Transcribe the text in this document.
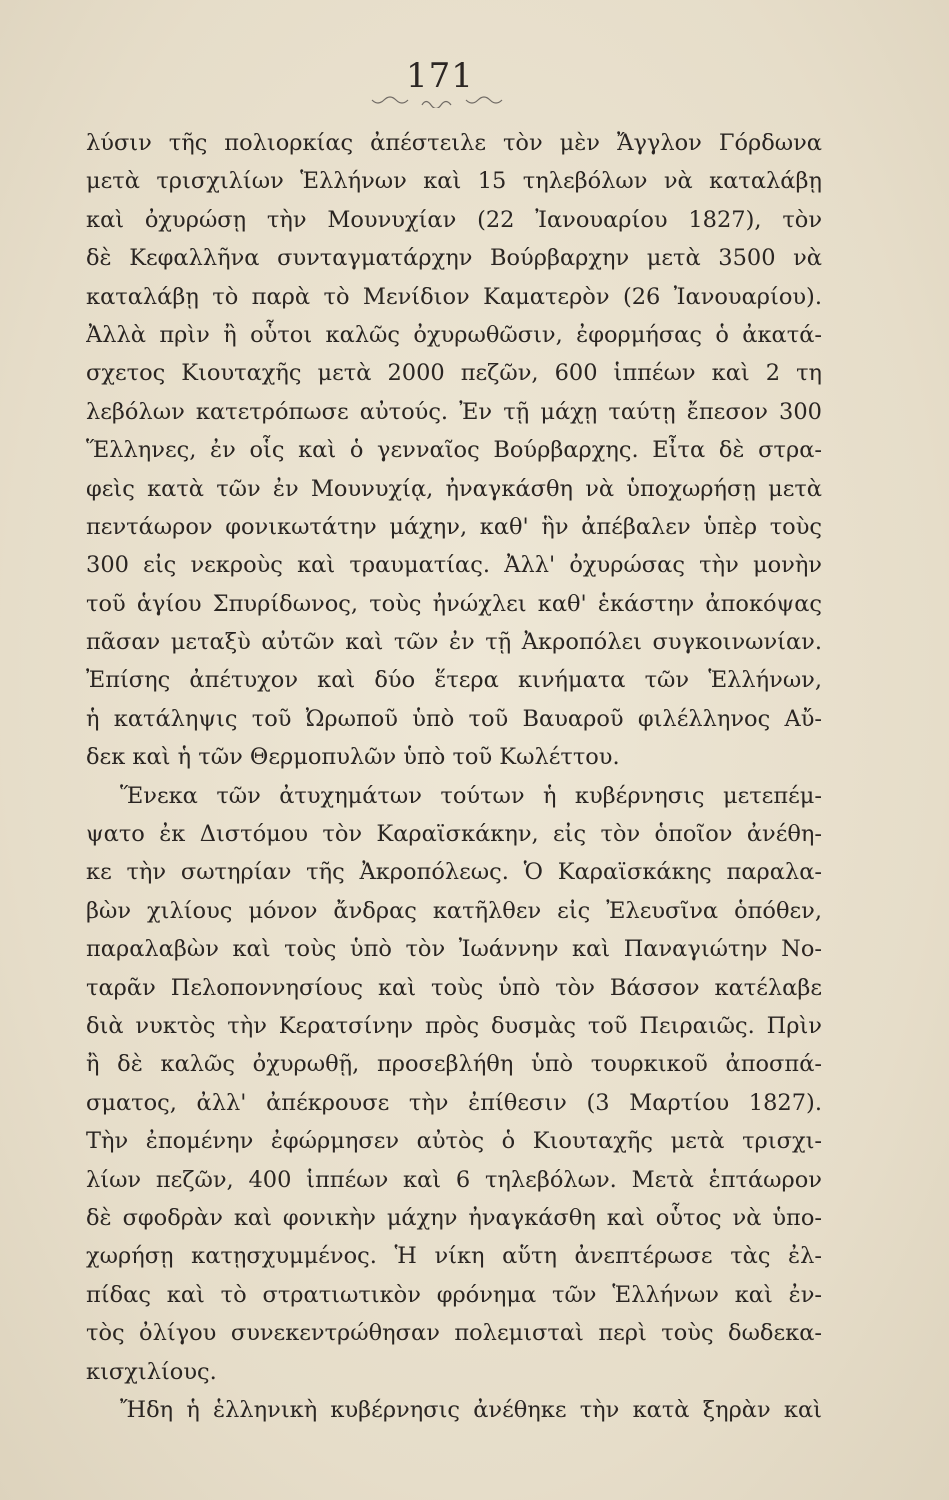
171
λύσιν τῆς πολιορκίας ἀπέστειλε τὸν μὲν Ἄγγλον Γόρδωνα
μετὰ τρισχιλίων Ἑλλήνων καὶ 15 τηλεβόλων νὰ καταλάβῃ
καὶ ὀχυρώσῃ τὴν Μουνυχίαν (22 Ἰανουαρίου 1827), τὸν
δὲ Κεφαλλῆνα συνταγματάρχην Βούρβαρχην μετὰ 3500 νὰ
καταλάβῃ τὸ παρὰ τὸ Μενίδιον Καματερὸν (26 Ἰανουαρίου).
Ἀλλὰ πρὶν ἢ οὗτοι καλῶς ὀχυρωθῶσιν, ἐφορμήσας ὁ ἀκατά-
σχετος Κιουταχῆς μετὰ 2000 πεζῶν, 600 ἱππέων καὶ 2 τη
λεβόλων κατετρόπωσε αὐτούς. Ἐν τῇ μάχῃ ταύτῃ ἔπεσον 300
Ἕλληνες, ἐν οἷς καὶ ὁ γενναῖος Βούρβαρχης. Εἶτα δὲ στρα-
φεὶς κατὰ τῶν ἐν Μουνυχίᾳ, ἠναγκάσθη νὰ ὑποχωρήσῃ μετὰ
πεντάωρον φονικωτάτην μάχην, καθ' ἣν ἀπέβαλεν ὑπὲρ τοὺς
300 εἰς νεκροὺς καὶ τραυματίας. Ἀλλ' ὀχυρώσας τὴν μονὴν
τοῦ ἁγίου Σπυρίδωνος, τοὺς ἠνώχλει καθ' ἑκάστην ἀποκόψας
πᾶσαν μεταξὺ αὐτῶν καὶ τῶν ἐν τῇ Ἀκροπόλει συγκοινωνίαν.
Ἐπίσης ἀπέτυχον καὶ δύο ἕτερα κινήματα τῶν Ἑλλήνων,
ἡ κατάληψις τοῦ Ὠρωποῦ ὑπὸ τοῦ Βαυαροῦ φιλέλληνος Αὔ-
δεκ καὶ ἡ τῶν Θερμοπυλῶν ὑπὸ τοῦ Κωλέττου.
Ἕνεκα τῶν ἀτυχημάτων τούτων ἡ κυβέρνησις μετεπέμ-
ψατο ἐκ Διστόμου τὸν Καραϊσκάκην, εἰς τὸν ὁποῖον ἀνέθη-
κε τὴν σωτηρίαν τῆς Ἀκροπόλεως. Ὁ Καραϊσκάκης παραλα-
βὼν χιλίους μόνον ἄνδρας κατῆλθεν εἰς Ἐλευσῖνα ὁπόθεν,
παραλαβὼν καὶ τοὺς ὑπὸ τὸν Ἰωάννην καὶ Παναγιώτην Νο-
ταρᾶν Πελοποννησίους καὶ τοὺς ὑπὸ τὸν Βάσσον κατέλαβε
διὰ νυκτὸς τὴν Κερατσίνην πρὸς δυσμὰς τοῦ Πειραιῶς. Πρὶν
ἢ δὲ καλῶς ὀχυρωθῇ, προσεβλήθη ὑπὸ τουρκικοῦ ἀποσπά-
σματος, ἀλλ' ἀπέκρουσε τὴν ἐπίθεσιν (3 Μαρτίου 1827).
Τὴν ἐπομένην ἐφώρμησεν αὐτὸς ὁ Κιουταχῆς μετὰ τρισχι-
λίων πεζῶν, 400 ἱππέων καὶ 6 τηλεβόλων. Μετὰ ἑπτάωρον
δὲ σφοδρὰν καὶ φονικὴν μάχην ἠναγκάσθη καὶ οὗτος νὰ ὑπο-
χωρήσῃ κατῃσχυμμένος. Ἡ νίκη αὕτη ἀνεπτέρωσε τὰς ἐλ-
πίδας καὶ τὸ στρατιωτικὸν φρόνημα τῶν Ἑλλήνων καὶ ἐν-
τὸς ὀλίγου συνεκεντρώθησαν πολεμισταὶ περὶ τοὺς δωδεκα-
κισχιλίους.
Ἤδη ἡ ἑλληνικὴ κυβέρνησις ἀνέθηκε τὴν κατὰ ξηρὰν καὶ
